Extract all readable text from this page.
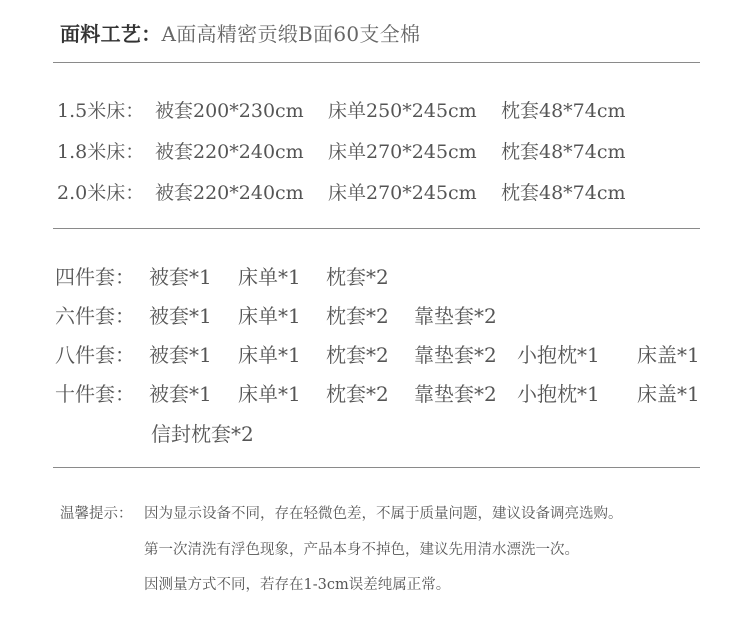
面料工艺：A面高精密贡缎B面60支全棉
1.5米床： 被套200*230cm 床单250*245cm 枕套48*74cm
1.8米床： 被套220*240cm 床单270*245cm 枕套48*74cm
2.0米床： 被套220*240cm 床单270*245cm 枕套48*74cm
四件套： 被套*1 床单*1 枕套*2
六件套： 被套*1 床单*1 枕套*2 靠垫套*2
八件套： 被套*1 床单*1 枕套*2 靠垫套*2 小抱枕*1 床盖*1
十件套： 被套*1 床单*1 枕套*2 靠垫套*2 小抱枕*1 床盖*1
信封枕套*2
温馨提示： 因为显示设备不同，存在轻微色差，不属于质量问题，建议设备调亮选购。
第一次清洗有浮色现象，产品本身不掉色，建议先用清水漂洗一次。
因测量方式不同，若存在1-3cm误差纯属正常。
